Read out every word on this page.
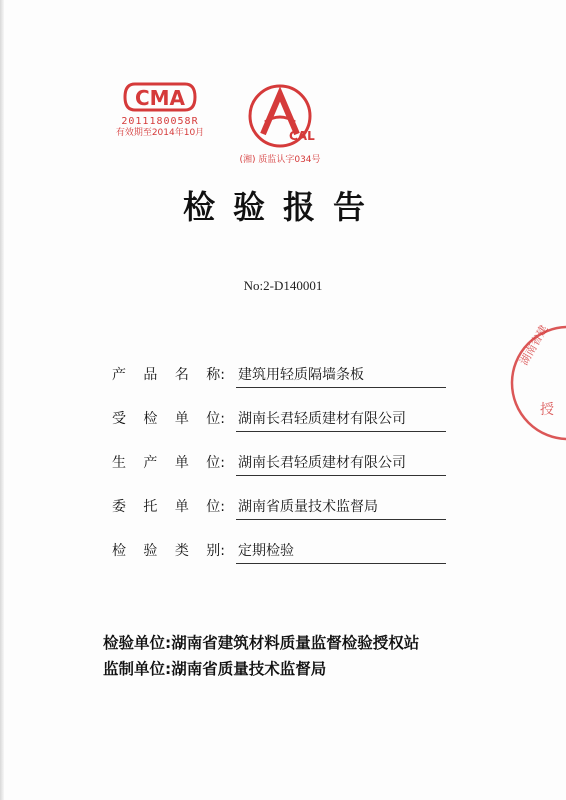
CMA
2011180058R
有效期至2014年10月	CAL
(湘) 质监认字034号
湖南省建
授
检验报告
No:2-D140001
产 品 名 称: 建筑用轻质隔墙条板
受 检 单 位: 湖南长君轻质建材有限公司
生 产 单 位: 湖南长君轻质建材有限公司
委 托 单 位: 湖南省质量技术监督局
检 验 类 别: 定期检验
检验单位:湖南省建筑材料质量监督检验授权站
监制单位:湖南省质量技术监督局
